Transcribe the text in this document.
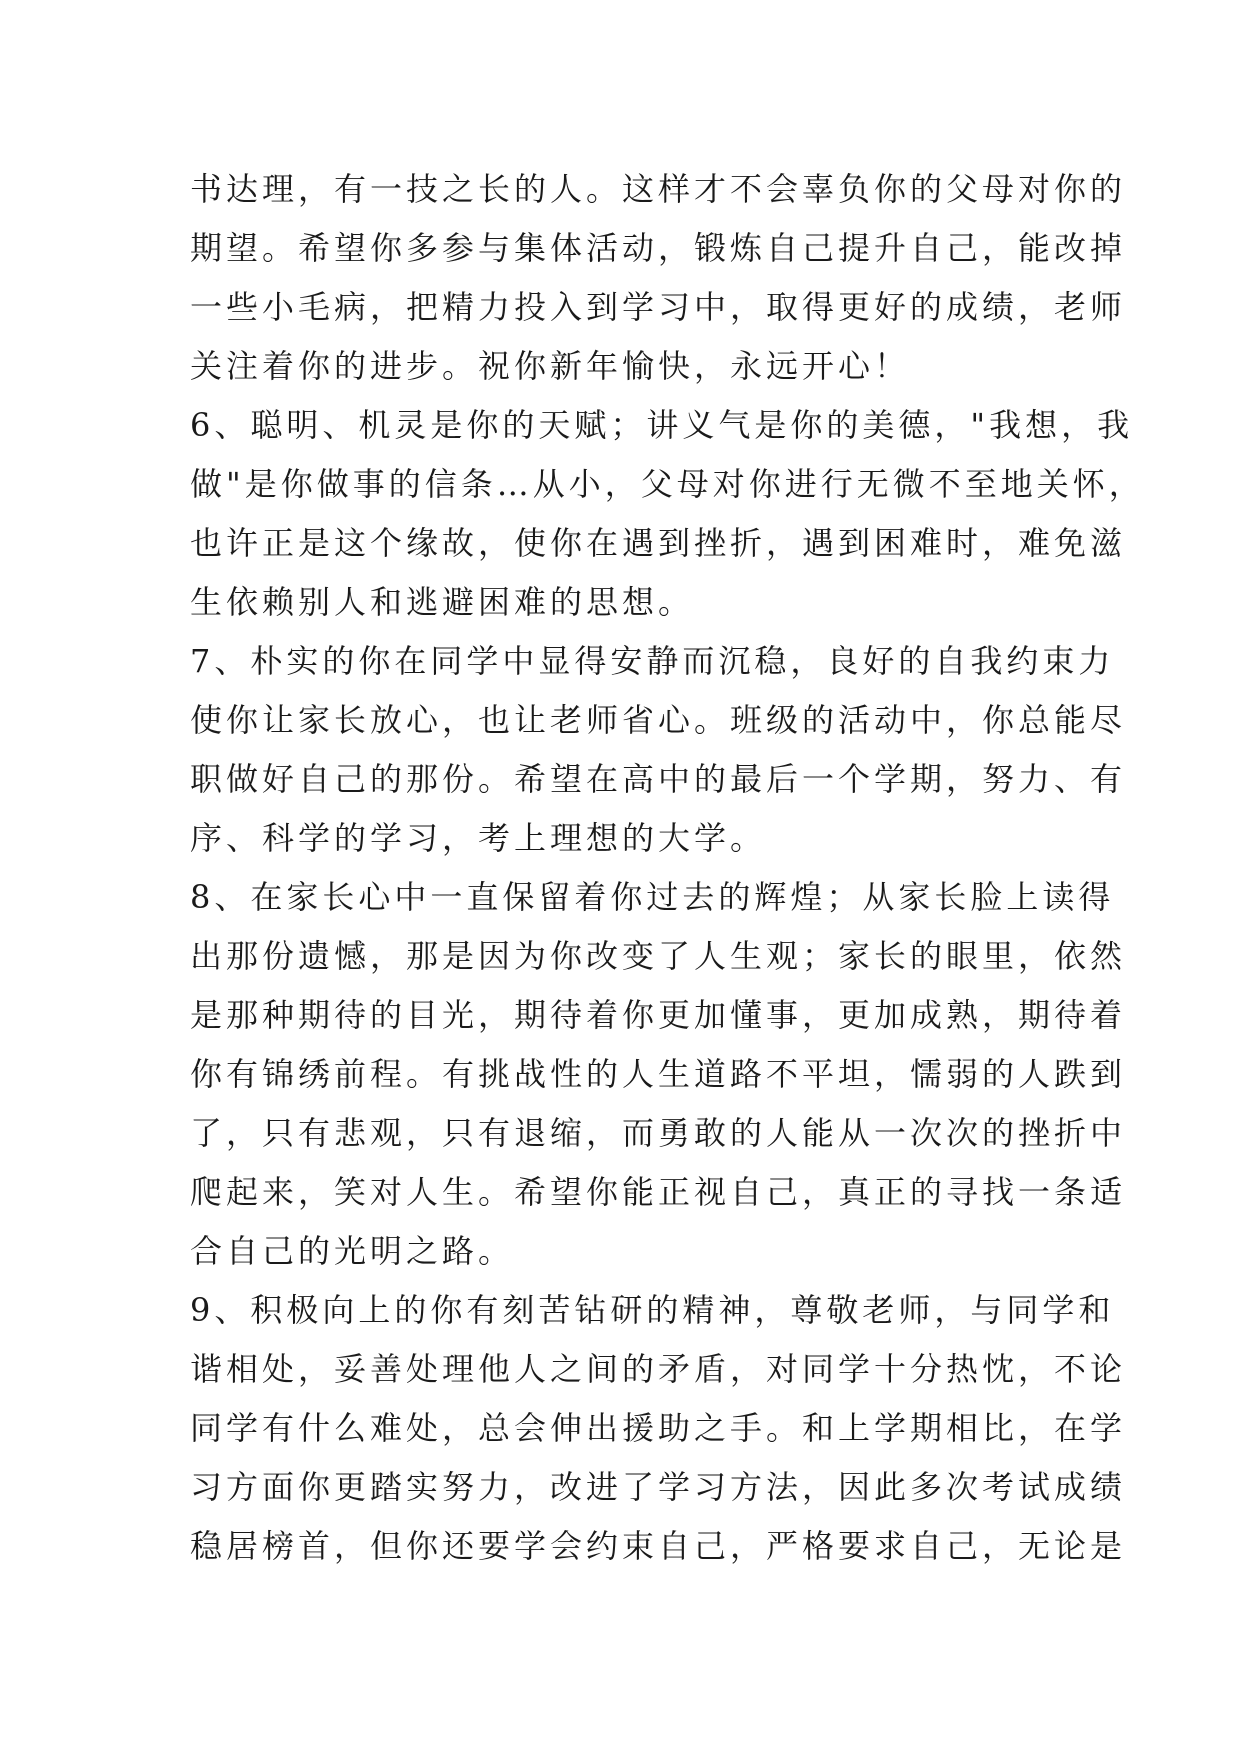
书达理，有一技之长的人。这样才不会辜负你的父母对你的
期望。希望你多参与集体活动，锻炼自己提升自己，能改掉
一些小毛病，把精力投入到学习中，取得更好的成绩，老师
关注着你的进步。祝你新年愉快，永远开心！
6、聪明、机灵是你的天赋；讲义气是你的美德，"我想，我
做"是你做事的信条…从小，父母对你进行无微不至地关怀，
也许正是这个缘故，使你在遇到挫折，遇到困难时，难免滋
生依赖别人和逃避困难的思想。
7、朴实的你在同学中显得安静而沉稳，良好的自我约束力
使你让家长放心，也让老师省心。班级的活动中，你总能尽
职做好自己的那份。希望在高中的最后一个学期，努力、有
序、科学的学习，考上理想的大学。
8、在家长心中一直保留着你过去的辉煌；从家长脸上读得
出那份遗憾，那是因为你改变了人生观；家长的眼里，依然
是那种期待的目光，期待着你更加懂事，更加成熟，期待着
你有锦绣前程。有挑战性的人生道路不平坦，懦弱的人跌到
了，只有悲观，只有退缩，而勇敢的人能从一次次的挫折中
爬起来，笑对人生。希望你能正视自己，真正的寻找一条适
合自己的光明之路。
9、积极向上的你有刻苦钻研的精神，尊敬老师，与同学和
谐相处，妥善处理他人之间的矛盾，对同学十分热忱，不论
同学有什么难处，总会伸出援助之手。和上学期相比，在学
习方面你更踏实努力，改进了学习方法，因此多次考试成绩
稳居榜首，但你还要学会约束自己，严格要求自己，无论是
